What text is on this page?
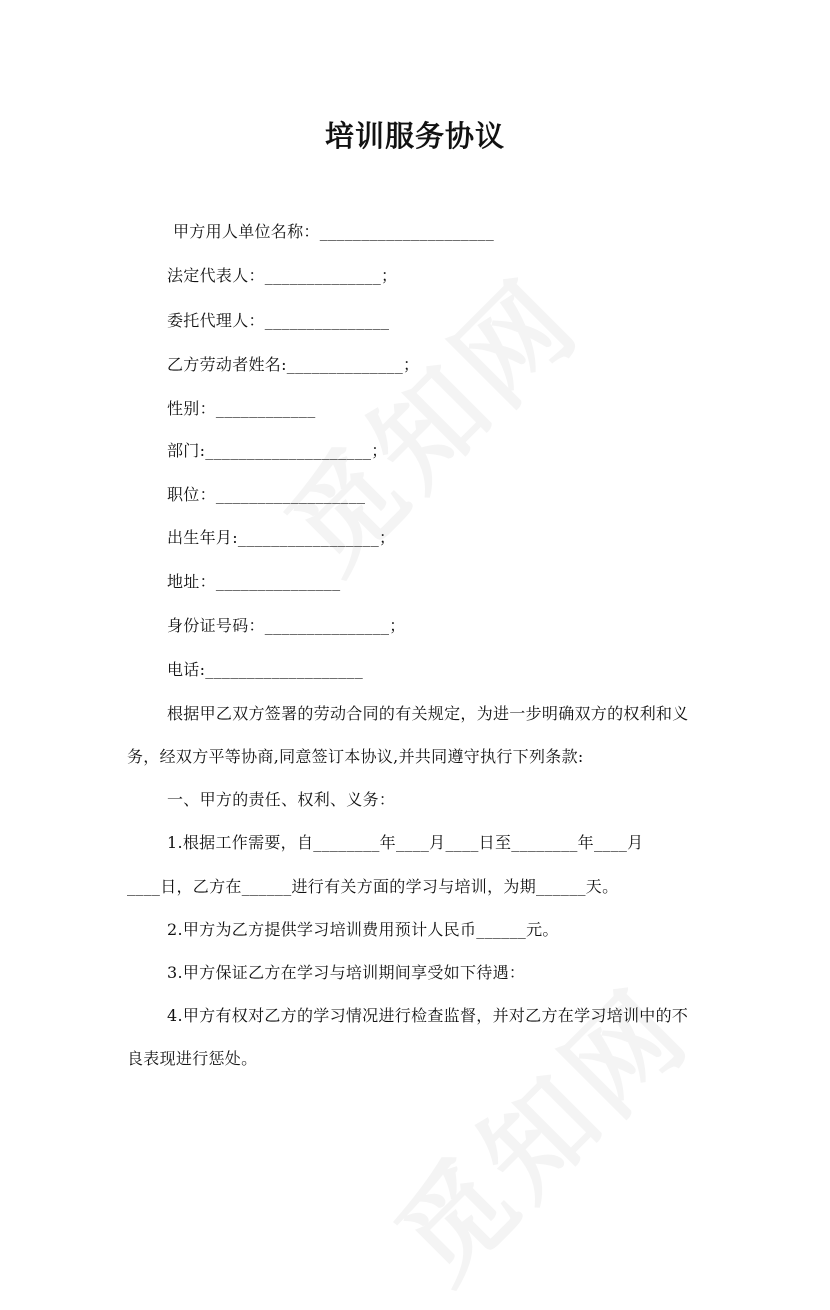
培训服务协议
甲方用人单位名称：_____________________
法定代表人：______________；
委托代理人：_______________
乙方劳动者姓名:______________；
性别：____________
部门:____________________；
职位：__________________
出生年月:_________________；
地址：_______________
身份证号码：_______________；
电话:___________________
根据甲乙双方签署的劳动合同的有关规定，为进一步明确双方的权利和义
务，经双方平等协商,同意签订本协议,并共同遵守执行下列条款:
一、甲方的责任、权利、义务：
1.根据工作需要，自________年____月____日至________年____月
____日，乙方在______进行有关方面的学习与培训，为期______天。
2.甲方为乙方提供学习培训费用预计人民币______元。
3.甲方保证乙方在学习与培训期间享受如下待遇：
4.甲方有权对乙方的学习情况进行检查监督，并对乙方在学习培训中的不
良表现进行惩处。
